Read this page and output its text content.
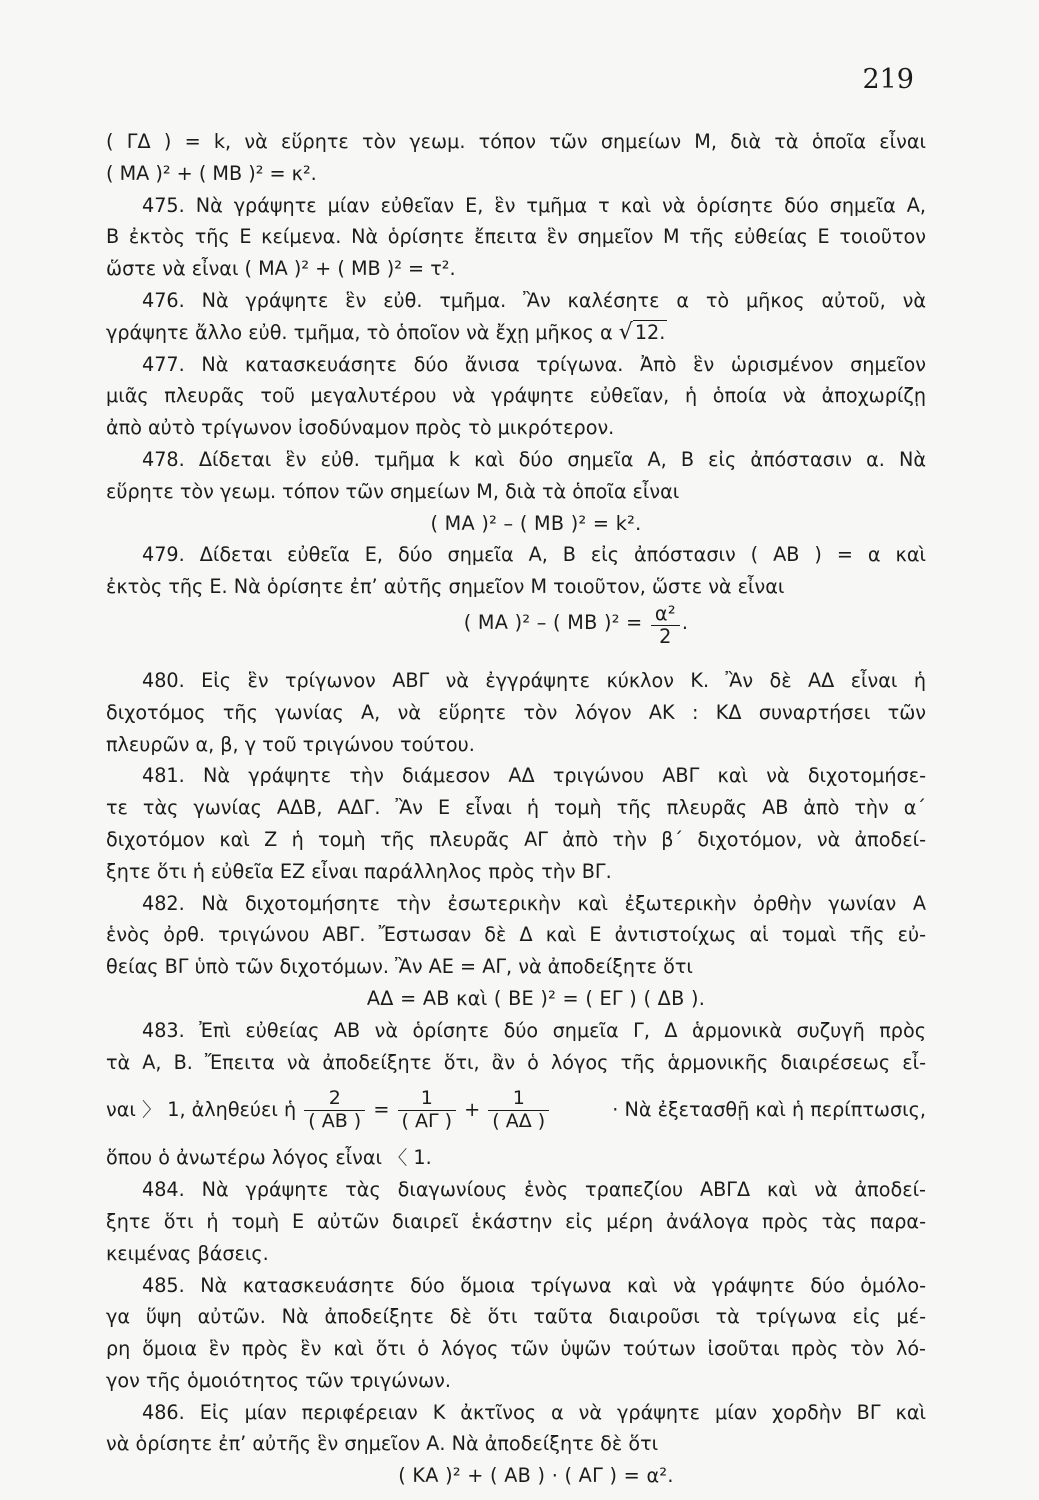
219
( ΓΔ ) = k, νὰ εὕρητε τὸν γεωμ. τόπον τῶν σημείων Μ, διὰ τὰ ὁποῖα εἶναι
( ΜΑ )² + ( ΜΒ )² = κ².
475. Νὰ γράψητε μίαν εὐθεῖαν Ε, ἓν τμῆμα τ καὶ νὰ ὁρίσητε δύο σημεῖα Α,
Β ἐκτὸς τῆς Ε κείμενα. Νὰ ὁρίσητε ἔπειτα ἓν σημεῖον Μ τῆς εὐθείας Ε τοιοῦτον
ὥστε νὰ εἶναι ( ΜΑ )² + ( ΜΒ )² = τ².
476. Νὰ γράψητε ἓν εὐθ. τμῆμα. Ἂν καλέσητε α τὸ μῆκος αὐτοῦ, νὰ
γράψητε ἄλλο εὐθ. τμῆμα, τὸ ὁποῖον νὰ ἔχῃ μῆκος α √ 12.
477. Νὰ κατασκευάσητε δύο ἄνισα τρίγωνα. Ἀπὸ ἓν ὡρισμένον σημεῖον
μιᾶς πλευρᾶς τοῦ μεγαλυτέρου νὰ γράψητε εὐθεῖαν, ἡ ὁποία νὰ ἀποχωρίζῃ
ἀπὸ αὐτὸ τρίγωνον ἰσοδύναμον πρὸς τὸ μικρότερον.
478. Δίδεται ἓν εὐθ. τμῆμα k καὶ δύο σημεῖα Α, Β εἰς ἀπόστασιν α. Νὰ
εὕρητε τὸν γεωμ. τόπον τῶν σημείων Μ, διὰ τὰ ὁποῖα εἶναι
( ΜΑ )² – ( ΜΒ )² = k².
479. Δίδεται εὐθεῖα Ε, δύο σημεῖα Α, Β εἰς ἀπόστασιν ( ΑΒ ) = α καὶ
ἐκτὸς τῆς Ε. Νὰ ὁρίσητε ἐπ’ αὐτῆς σημεῖον Μ τοιοῦτον, ὥστε νὰ εἶναι
( ΜΑ )² – ( ΜΒ )$^2 = \frac{\text{α²}}{2}$ .
480. Εἰς ἓν τρίγωνον ΑΒΓ νὰ ἐγγράψητε κύκλον Κ. Ἂν δὲ ΑΔ εἶναι ἡ
διχοτόμος τῆς γωνίας Α, νὰ εὕρητε τὸν λόγον ΑΚ : ΚΔ συναρτήσει τῶν
πλευρῶν α, β, γ τοῦ τριγώνου τούτου.
481. Νὰ γράψητε τὴν διάμεσον ΑΔ τριγώνου ΑΒΓ καὶ νὰ διχοτομήσε-
τε τὰς γωνίας ΑΔΒ, ΑΔΓ. Ἂν Ε εἶναι ἡ τομὴ τῆς πλευρᾶς ΑΒ ἀπὸ τὴν α΄
διχοτόμον καὶ Ζ ἡ τομὴ τῆς πλευρᾶς ΑΓ ἀπὸ τὴν β΄ διχοτόμον, νὰ ἀποδεί-
ξητε ὅτι ἡ εὐθεῖα ΕΖ εἶναι παράλληλος πρὸς τὴν ΒΓ.
482. Νὰ διχοτομήσητε τὴν ἐσωτερικὴν καὶ ἐξωτερικὴν ὀρθὴν γωνίαν Α
ἑνὸς ὀρθ. τριγώνου ΑΒΓ. Ἔστωσαν δὲ Δ καὶ Ε ἀντιστοίχως αἱ τομαὶ τῆς εὐ-
θείας ΒΓ ὑπὸ τῶν διχοτόμων. Ἂν ΑΕ = ΑΓ, νὰ ἀποδείξητε ὅτι
ΑΔ = ΑΒ καὶ ( ΒΕ )² = ( ΕΓ ) ( ΔΒ ).
483. Ἐπὶ εὐθείας ΑΒ νὰ ὁρίσητε δύο σημεῖα Γ, Δ ἁρμονικὰ συζυγῆ πρὸς
τὰ Α, Β. Ἔπειτα νὰ ἀποδείξητε ὅτι, ἂν ὁ λόγος τῆς ἁρμονικῆς διαιρέσεως εἶ-
ναι 〉 1, ἀληθεύει ἡ $\frac{2}{( AB )} = \frac{1}{( A\Gamma )} + \frac{1}{( A\Delta )}$	· Νὰ ἐξετασθῇ καὶ ἡ περίπτωσις,
ὅπου ὁ ἀνωτέρω λόγος εἶναι 〈 1.
484. Νὰ γράψητε τὰς διαγωνίους ἑνὸς τραπεζίου ΑΒΓΔ καὶ νὰ ἀποδεί-
ξητε ὅτι ἡ τομὴ Ε αὐτῶν διαιρεῖ ἑκάστην εἰς μέρη ἀνάλογα πρὸς τὰς παρα-
κειμένας βάσεις.
485. Νὰ κατασκευάσητε δύο ὅμοια τρίγωνα καὶ νὰ γράψητε δύο ὁμόλο-
γα ὕψη αὐτῶν. Νὰ ἀποδείξητε δὲ ὅτι ταῦτα διαιροῦσι τὰ τρίγωνα εἰς μέ-
ρη ὅμοια ἓν πρὸς ἓν καὶ ὅτι ὁ λόγος τῶν ὑψῶν τούτων ἰσοῦται πρὸς τὸν λό-
γον τῆς ὁμοιότητος τῶν τριγώνων.
486. Εἰς μίαν περιφέρειαν Κ ἀκτῖνος α νὰ γράψητε μίαν χορδὴν ΒΓ καὶ
νὰ ὁρίσητε ἐπ’ αὐτῆς ἓν σημεῖον Α. Νὰ ἀποδείξητε δὲ ὅτι
( ΚΑ )² + ( ΑΒ ) · ( ΑΓ ) = α².
